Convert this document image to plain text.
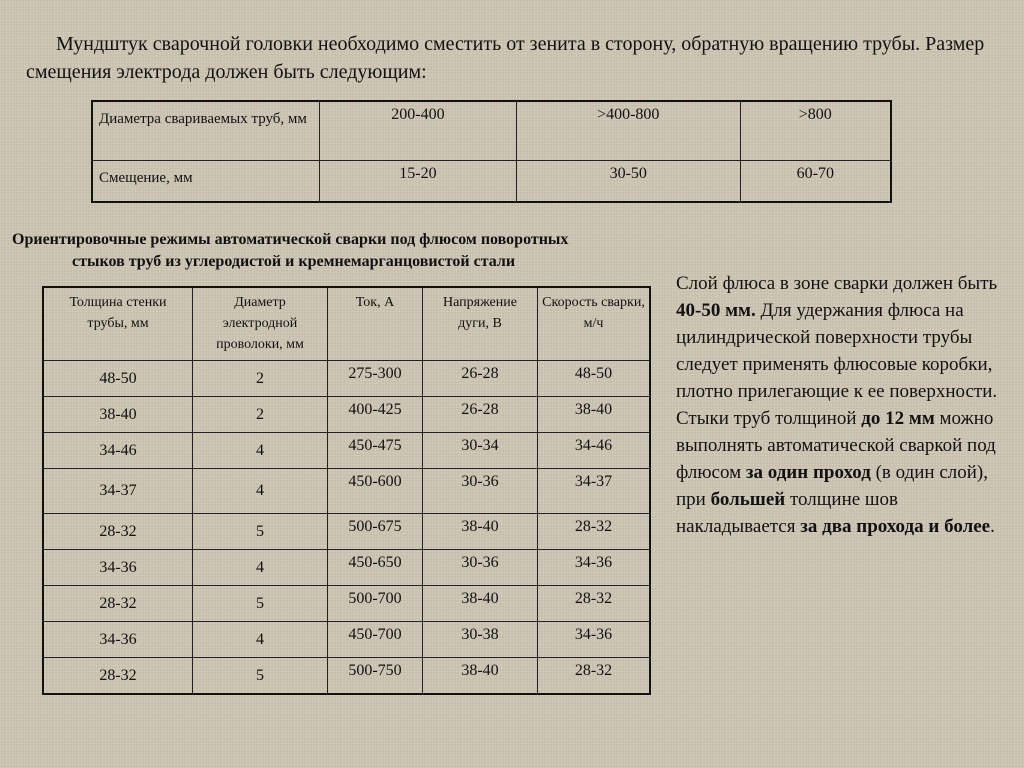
Мундштук сварочной головки необходимо сместить от зенита в сторону, обратную вращению трубы. Размер смещения электрода должен быть следующим:

Диаметра свариваемых труб, мм	200-400	>400-800	>800
Смещение, мм	15-20	30-50	60-70

Ориентировочные режимы автоматической сварки под флюсом поворотных
стыков труб из углеродистой и кремнемарганцовистой стали

Толщина стенки трубы, мм	Диаметр электродной проволоки, мм	Ток, А	Напряжение дуги, В	Скорость сварки, м/ч
48-50	2	275-300	26-28	48-50
38-40	2	400-425	26-28	38-40
34-46	4	450-475	30-34	34-46
34-37	4	450-600	30-36	34-37
28-32	5	500-675	38-40	28-32
34-36	4	450-650	30-36	34-36
28-32	5	500-700	38-40	28-32
34-36	4	450-700	30-38	34-36
28-32	5	500-750	38-40	28-32

Слой флюса в зоне сварки должен быть 40-50 мм. Для удержания флюса на цилиндрической поверхности трубы следует применять флюсовые коробки, плотно прилегающие к ее поверхности. Стыки труб толщиной до 12 мм можно выполнять автоматической сваркой под флюсом за один проход (в один слой), при большей толщине шов накладывается за два прохода и более.
